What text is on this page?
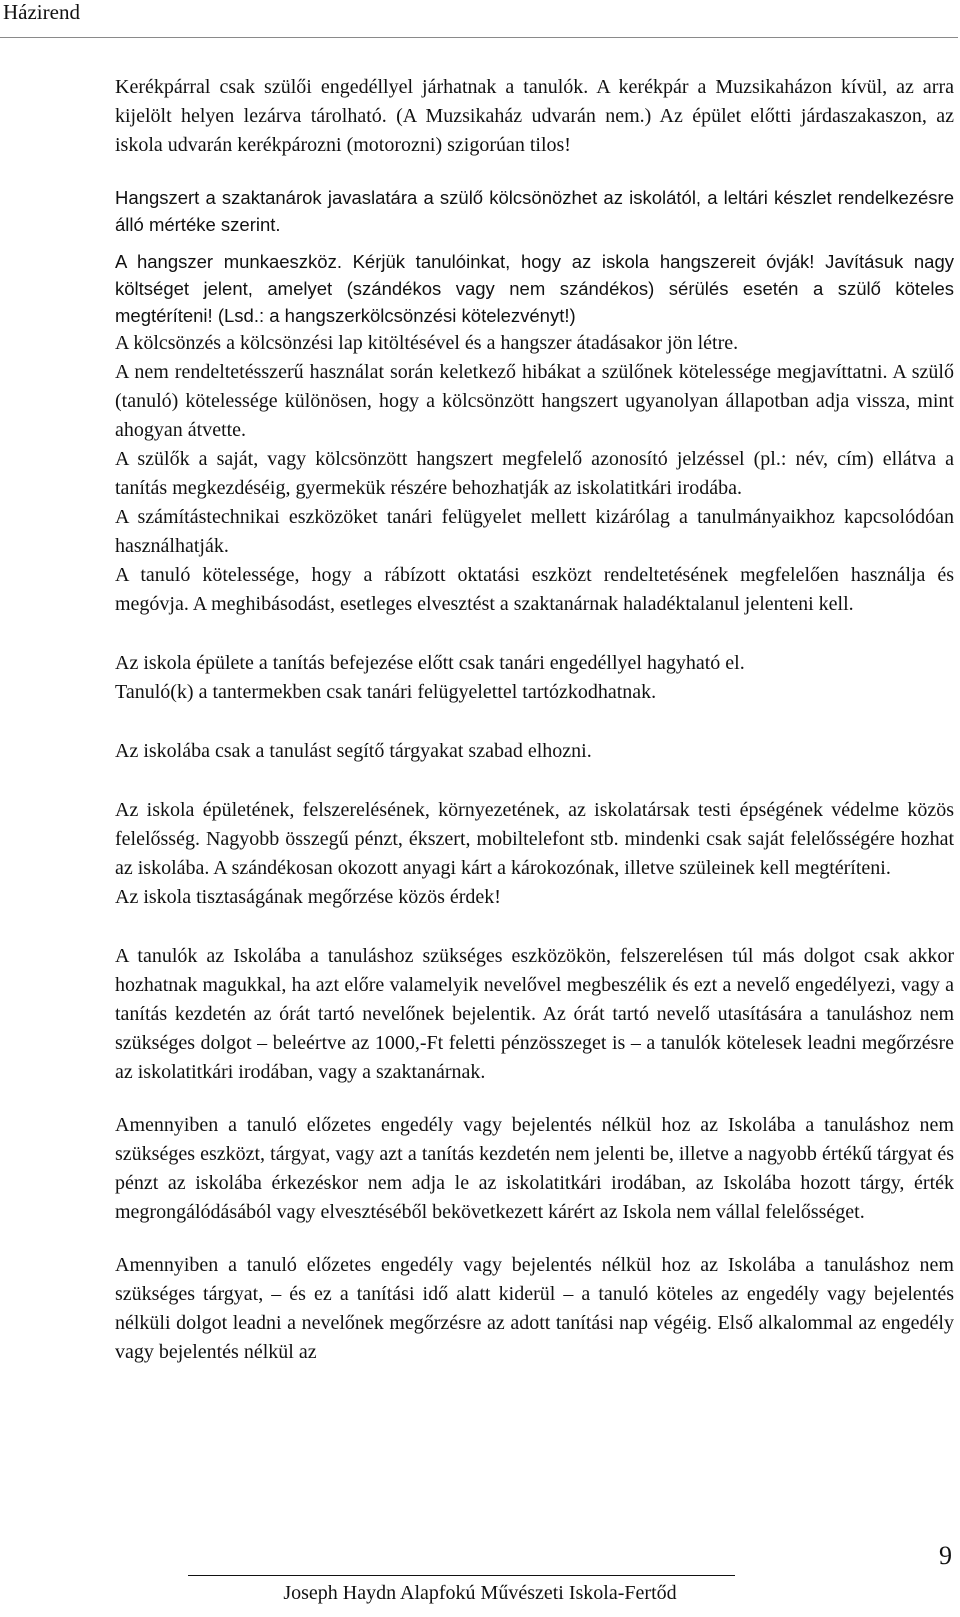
Házirend

Kerékpárral csak szülői engedéllyel járhatnak a tanulók. A kerékpár a Muzsikaházon kívül, az arra kijelölt helyen lezárva tárolható. (A Muzsikaház udvarán nem.) Az épület előtti járdaszakaszon, az iskola udvarán kerékpározni (motorozni) szigorúan tilos!

Hangszert a szaktanárok javaslatára a szülő kölcsönözhet az iskolától, a leltári készlet rendelkezésre álló mértéke szerint.

A hangszer munkaeszköz. Kérjük tanulóinkat, hogy az iskola hangszereit óvják! Javításuk nagy költséget jelent, amelyet (szándékos vagy nem szándékos) sérülés esetén a szülő köteles megtéríteni! (Lsd.: a hangszerkölcsönzési kötelezvényt!)

A kölcsönzés a kölcsönzési lap kitöltésével és a hangszer átadásakor jön létre.

A nem rendeltetésszerű használat során keletkező hibákat a szülőnek kötelessége megjavíttatni. A szülő (tanuló) kötelessége különösen, hogy a kölcsönzött hangszert ugyanolyan állapotban adja vissza, mint ahogyan átvette.

A szülők a saját, vagy kölcsönzött hangszert megfelelő azonosító jelzéssel (pl.: név, cím) ellátva a tanítás megkezdéséig, gyermekük részére behozhatják az iskolatitkári irodába.

A számítástechnikai eszközöket tanári felügyelet mellett kizárólag a tanulmányaikhoz kapcsolódóan használhatják.

A tanuló kötelessége, hogy a rábízott oktatási eszközt rendeltetésének megfelelően használja és megóvja. A meghibásodást, esetleges elvesztést a szaktanárnak haladéktalanul jelenteni kell.

Az iskola épülete a tanítás befejezése előtt csak tanári engedéllyel hagyható el.

Tanuló(k) a tantermekben csak tanári felügyelettel tartózkodhatnak.

Az iskolába csak a tanulást segítő tárgyakat szabad elhozni.

Az iskola épületének, felszerelésének, környezetének, az iskolatársak testi épségének védelme közös felelősség. Nagyobb összegű pénzt, ékszert, mobiltelefont stb. mindenki csak saját felelősségére hozhat az iskolába. A szándékosan okozott anyagi kárt a károkozónak, illetve szüleinek kell megtéríteni.

Az iskola tisztaságának megőrzése közös érdek!

A tanulók az Iskolába a tanuláshoz szükséges eszközökön, felszerelésen túl más dolgot csak akkor hozhatnak magukkal, ha azt előre valamelyik nevelővel megbeszélik és ezt a nevelő engedélyezi, vagy a tanítás kezdetén az órát tartó nevelőnek bejelentik. Az órát tartó nevelő utasítására a tanuláshoz nem szükséges dolgot – beleértve az 1000,-Ft feletti pénzösszeget is – a tanulók kötelesek leadni megőrzésre az iskolatitkári irodában, vagy a szaktanárnak.

Amennyiben a tanuló előzetes engedély vagy bejelentés nélkül hoz az Iskolába a tanuláshoz nem szükséges eszközt, tárgyat, vagy azt a tanítás kezdetén nem jelenti be, illetve a nagyobb értékű tárgyat és pénzt az iskolába érkezéskor nem adja le az iskolatitkári irodában, az Iskolába hozott tárgy, érték megrongálódásából vagy elvesztéséből bekövetkezett kárért az Iskola nem vállal felelősséget.

Amennyiben a tanuló előzetes engedély vagy bejelentés nélkül hoz az Iskolába a tanuláshoz nem szükséges tárgyat, – és ez a tanítási idő alatt kiderül – a tanuló köteles az engedély vagy bejelentés nélküli dolgot leadni a nevelőnek megőrzésre az adott tanítási nap végéig. Első alkalommal az engedély vagy bejelentés nélkül az

9
Joseph Haydn Alapfokú Művészeti Iskola-Fertőd
